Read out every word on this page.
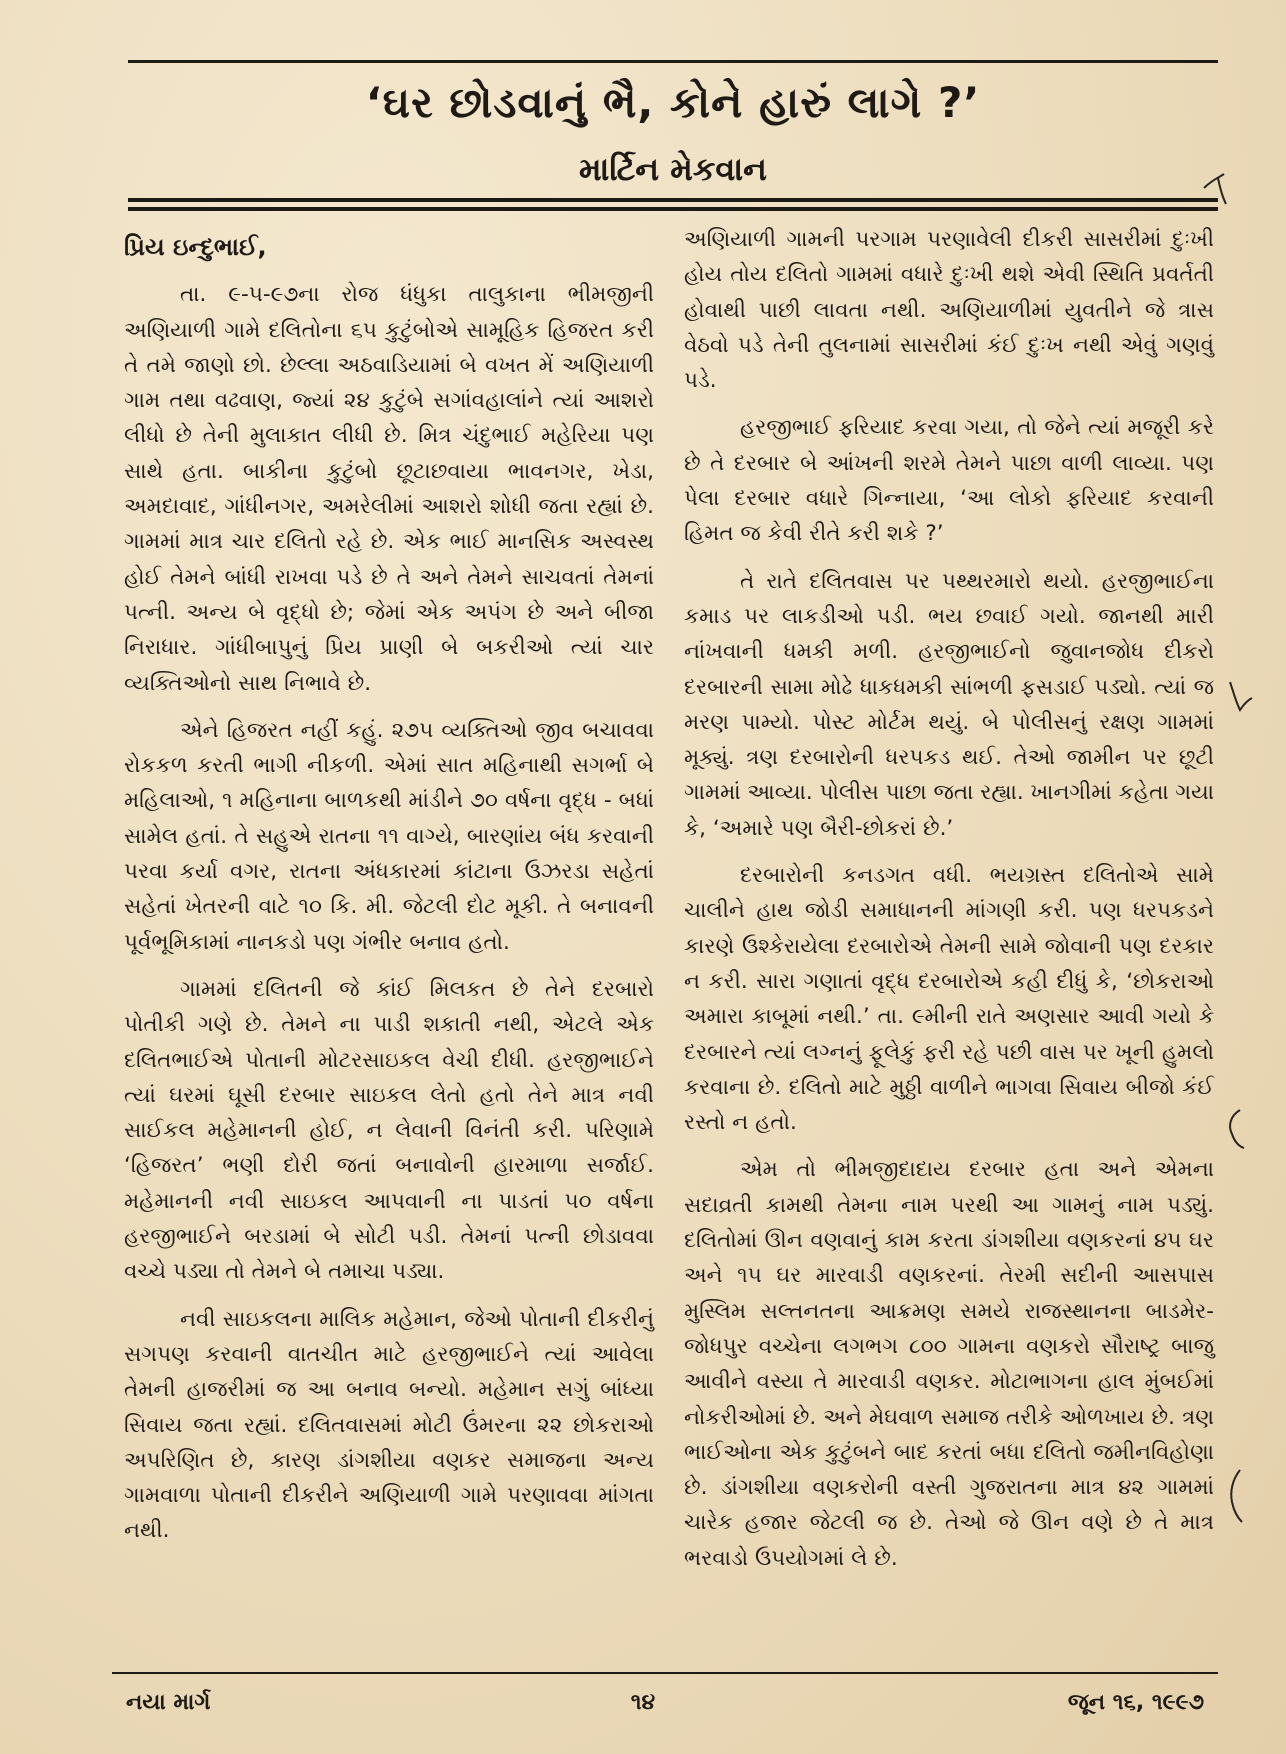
‘ઘર છોડવાનું ભૈ, કોને હારું લાગે ?’
માર્ટિન મેકવાન
પ્રિય ઇન્દુભાઈ,

તા. ૯-૫-૯૭ના રોજ ધંધુકા તાલુકાના ભીમજીની અણિયાળી ગામે દલિતોના ૬૫ કુટુંબોએ સામૂહિક હિજરત કરી તે તમે જાણો છો. છેલ્લા અઠવાડિયામાં બે વખત મેં અણિયાળી ગામ તથા વઢવાણ, જ્યાં ૨૪ કુટુંબે સગાંવહાલાંને ત્યાં આશરો લીધો છે તેની મુલાકાત લીધી છે. મિત્ર ચંદુભાઈ મહેરિયા પણ સાથે હતા. બાકીના કુટુંબો છૂટાછવાયા ભાવનગર, ખેડા, અમદાવાદ, ગાંધીનગર, અમરેલીમાં આશરો શોધી જતા રહ્યાં છે. ગામમાં માત્ર ચાર દલિતો રહે છે. એક ભાઈ માનસિક અસ્વસ્થ હોઈ તેમને બાંધી રાખવા પડે છે તે અને તેમને સાચવતાં તેમનાં પત્ની. અન્ય બે વૃદ્ધો છે; જેમાં એક અપંગ છે અને બીજા નિરાધાર. ગાંધીબાપુનું પ્રિય પ્રાણી બે બકરીઓ ત્યાં ચાર વ્યક્તિઓનો સાથ નિભાવે છે.

એને હિજરત નહીં કહું. ૨૭૫ વ્યક્તિઓ જીવ બચાવવા રોકકળ કરતી ભાગી નીકળી. એમાં સાત મહિનાથી સગર્ભા બે મહિલાઓ, ૧ મહિનાના બાળકથી માંડીને ૭૦ વર્ષના વૃદ્ધ - બધાં સામેલ હતાં. તે સહુએ રાતના ૧૧ વાગ્યે, બારણાંય બંધ કરવાની પરવા કર્યા વગર, રાતના અંધકારમાં કાંટાના ઉઝરડા સહેતાં સહેતાં ખેતરની વાટે ૧૦ કિ. મી. જેટલી દોટ મૂકી. તે બનાવની પૂર્વભૂમિકામાં નાનકડો પણ ગંભીર બનાવ હતો.

ગામમાં દલિતની જે કાંઈ મિલકત છે તેને દરબારો પોતીકી ગણે છે. તેમને ના પાડી શકાતી નથી, એટલે એક દલિતભાઈએ પોતાની મોટરસાઇકલ વેચી દીધી. હરજીભાઈને ત્યાં ઘરમાં ઘૂસી દરબાર સાઇકલ લેતો હતો તેને માત્ર નવી સાઈકલ મહેમાનની હોઈ, ન લેવાની વિનંતી કરી. પરિણામે ‘હિજરત’ ભણી દોરી જતાં બનાવોની હારમાળા સર્જાઈ. મહેમાનની નવી સાઇકલ આપવાની ના પાડતાં ૫૦ વર્ષના હરજીભાઈને બરડામાં બે સોટી પડી. તેમનાં પત્ની છોડાવવા વચ્ચે પડ્યા તો તેમને બે તમાચા પડ્યા.

નવી સાઇકલના માલિક મહેમાન, જેઓ પોતાની દીકરીનું સગપણ કરવાની વાતચીત માટે હરજીભાઈને ત્યાં આવેલા તેમની હાજરીમાં જ આ બનાવ બન્યો. મહેમાન સગું બાંધ્યા સિવાય જતા રહ્યાં. દલિતવાસમાં મોટી ઉંમરના ૨૨ છોકરાઓ અપરિણિત છે, કારણ ડાંગશીયા વણકર સમાજના અન્ય ગામવાળા પોતાની દીકરીને અણિયાળી ગામે પરણાવવા માંગતા નથી.

અણિયાળી ગામની પરગામ પરણાવેલી દીકરી સાસરીમાં દુઃખી હોય તોય દલિતો ગામમાં વધારે દુઃખી થશે એવી સ્થિતિ પ્રવર્તતી હોવાથી પાછી લાવતા નથી. અણિયાળીમાં યુવતીને જે ત્રાસ વેઠવો પડે તેની તુલનામાં સાસરીમાં કંઈ દુઃખ નથી એવું ગણવું પડે.

હરજીભાઈ ફરિયાદ કરવા ગયા, તો જેને ત્યાં મજૂરી કરે છે તે દરબાર બે આંખની શરમે તેમને પાછા વાળી લાવ્યા. પણ પેલા દરબાર વધારે ગિન્નાયા, ‘આ લોકો ફરિયાદ કરવાની હિમત જ કેવી રીતે કરી શકે ?’

તે રાતે દલિતવાસ પર પથ્થરમારો થયો. હરજીભાઈના કમાડ પર લાકડીઓ પડી. ભય છવાઈ ગયો. જાનથી મારી નાંખવાની ધમકી મળી. હરજીભાઈનો જુવાનજોધ દીકરો દરબારની સામા મોઢે ધાકધમકી સાંભળી ફસડાઈ પડ્યો. ત્યાં જ મરણ પામ્યો. પોસ્ટ મોર્ટમ થયું. બે પોલીસનું રક્ષણ ગામમાં મૂક્યું. ત્રણ દરબારોની ધરપકડ થઈ. તેઓ જામીન પર છૂટી ગામમાં આવ્યા. પોલીસ પાછા જતા રહ્યા. ખાનગીમાં કહેતા ગયા કે, ‘અમારે પણ બૈરી-છોકરાં છે.’

દરબારોની કનડગત વધી. ભયગ્રસ્ત દલિતોએ સામે ચાલીને હાથ જોડી સમાધાનની માંગણી કરી. પણ ધરપકડને કારણે ઉશ્કેરાયેલા દરબારોએ તેમની સામે જોવાની પણ દરકાર ન કરી. સારા ગણાતાં વૃદ્ધ દરબારોએ કહી દીધું કે, ‘છોકરાઓ અમારા કાબૂમાં નથી.’ તા. ૯મીની રાતે અણસાર આવી ગયો કે દરબારને ત્યાં લગ્નનું ફૂલેકું ફરી રહે પછી વાસ પર ખૂની હુમલો કરવાના છે. દલિતો માટે મુઠ્ઠી વાળીને ભાગવા સિવાય બીજો કંઈ રસ્તો ન હતો.

એમ તો ભીમજીદાદાય દરબાર હતા અને એમના સદાવ્રતી કામથી તેમના નામ પરથી આ ગામનું નામ પડ્યું. દલિતોમાં ઊન વણવાનું કામ કરતા ડાંગશીયા વણકરનાં ૪૫ ઘર અને ૧૫ ઘર મારવાડી વણકરનાં. તેરમી સદીની આસપાસ મુસ્લિમ સલ્તનતના આક્રમણ સમયે રાજસ્થાનના બાડમેર-જોધપુર વચ્ચેના લગભગ ૮૦૦ ગામના વણકરો સૌરાષ્ટ્ર બાજુ આવીને વસ્યા તે મારવાડી વણકર. મોટાભાગના હાલ મુંબઈમાં નોકરીઓમાં છે. અને મેઘવાળ સમાજ તરીકે ઓળખાય છે. ત્રણ ભાઈઓના એક કુટુંબને બાદ કરતાં બધા દલિતો જમીનવિહોણા છે. ડાંગશીયા વણકરોની વસ્તી ગુજરાતના માત્ર ૪૨ ગામમાં ચારેક હજાર જેટલી જ છે. તેઓ જે ઊન વણે છે તે માત્ર ભરવાડો ઉપયોગમાં લે છે.

નયા માર્ગ	૧૪	જૂન ૧૬, ૧૯૯૭
